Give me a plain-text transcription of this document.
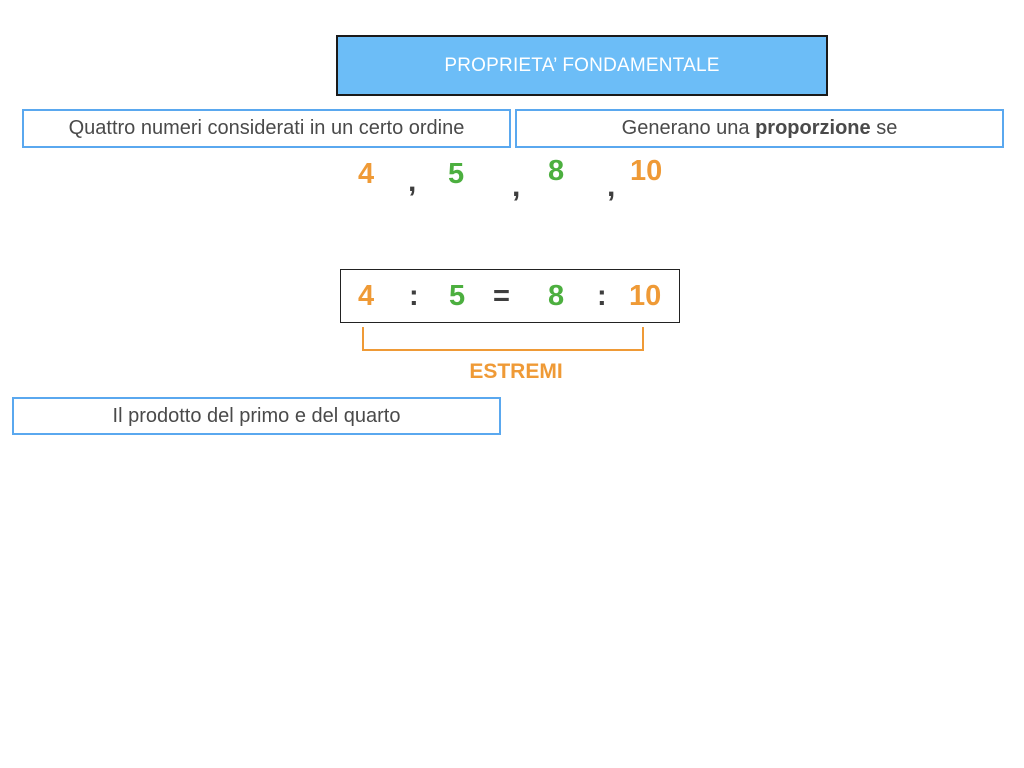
PROPRIETA’ FONDAMENTALE
Quattro numeri considerati in un certo ordine	Generano una proporzione se
4 , 5 , 8 , 10
4 : 5 = 8 : 10
ESTREMI
Il prodotto del primo e del quarto
